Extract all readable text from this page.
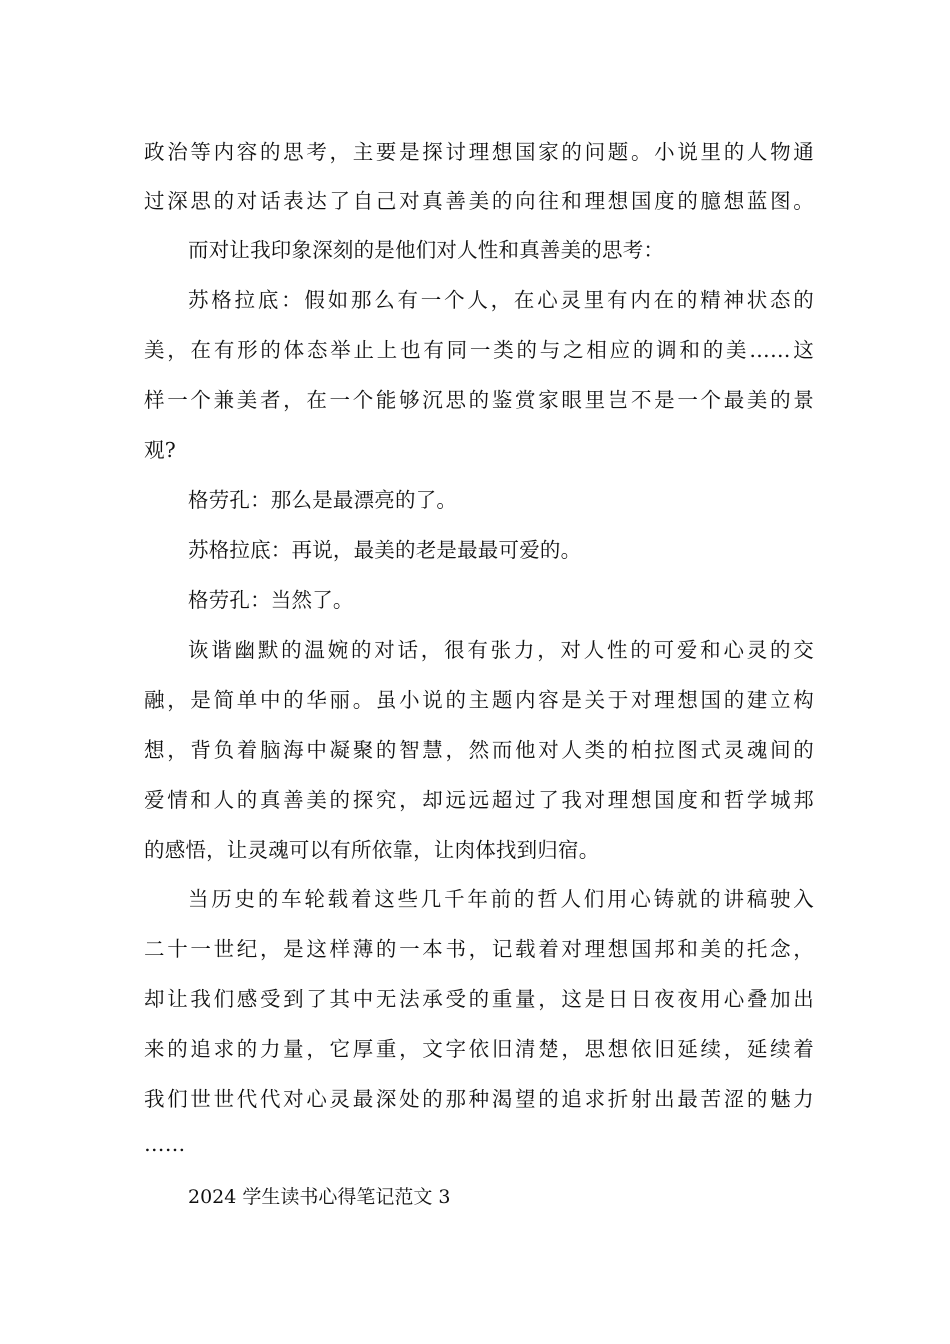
政治等内容的思考，主要是探讨理想国家的问题。小说里的人物通
过深思的对话表达了自己对真善美的向往和理想国度的臆想蓝图。
而对让我印象深刻的是他们对人性和真善美的思考：
苏格拉底：假如那么有一个人，在心灵里有内在的精神状态的
美，在有形的体态举止上也有同一类的与之相应的调和的美……这
样一个兼美者，在一个能够沉思的鉴赏家眼里岂不是一个最美的景
观?
格劳孔：那么是最漂亮的了。
苏格拉底：再说，最美的老是最最可爱的。
格劳孔：当然了。
诙谐幽默的温婉的对话，很有张力，对人性的可爱和心灵的交
融，是简单中的华丽。虽小说的主题内容是关于对理想国的建立构
想，背负着脑海中凝聚的智慧，然而他对人类的柏拉图式灵魂间的
爱情和人的真善美的探究，却远远超过了我对理想国度和哲学城邦
的感悟，让灵魂可以有所依靠，让肉体找到归宿。
当历史的车轮载着这些几千年前的哲人们用心铸就的讲稿驶入
二十一世纪，是这样薄的一本书，记载着对理想国邦和美的托念，
却让我们感受到了其中无法承受的重量，这是日日夜夜用心叠加出
来的追求的力量，它厚重，文字依旧清楚，思想依旧延续，延续着
我们世世代代对心灵最深处的那种渴望的追求折射出最苦涩的魅力
……
2024 学生读书心得笔记范文 3
